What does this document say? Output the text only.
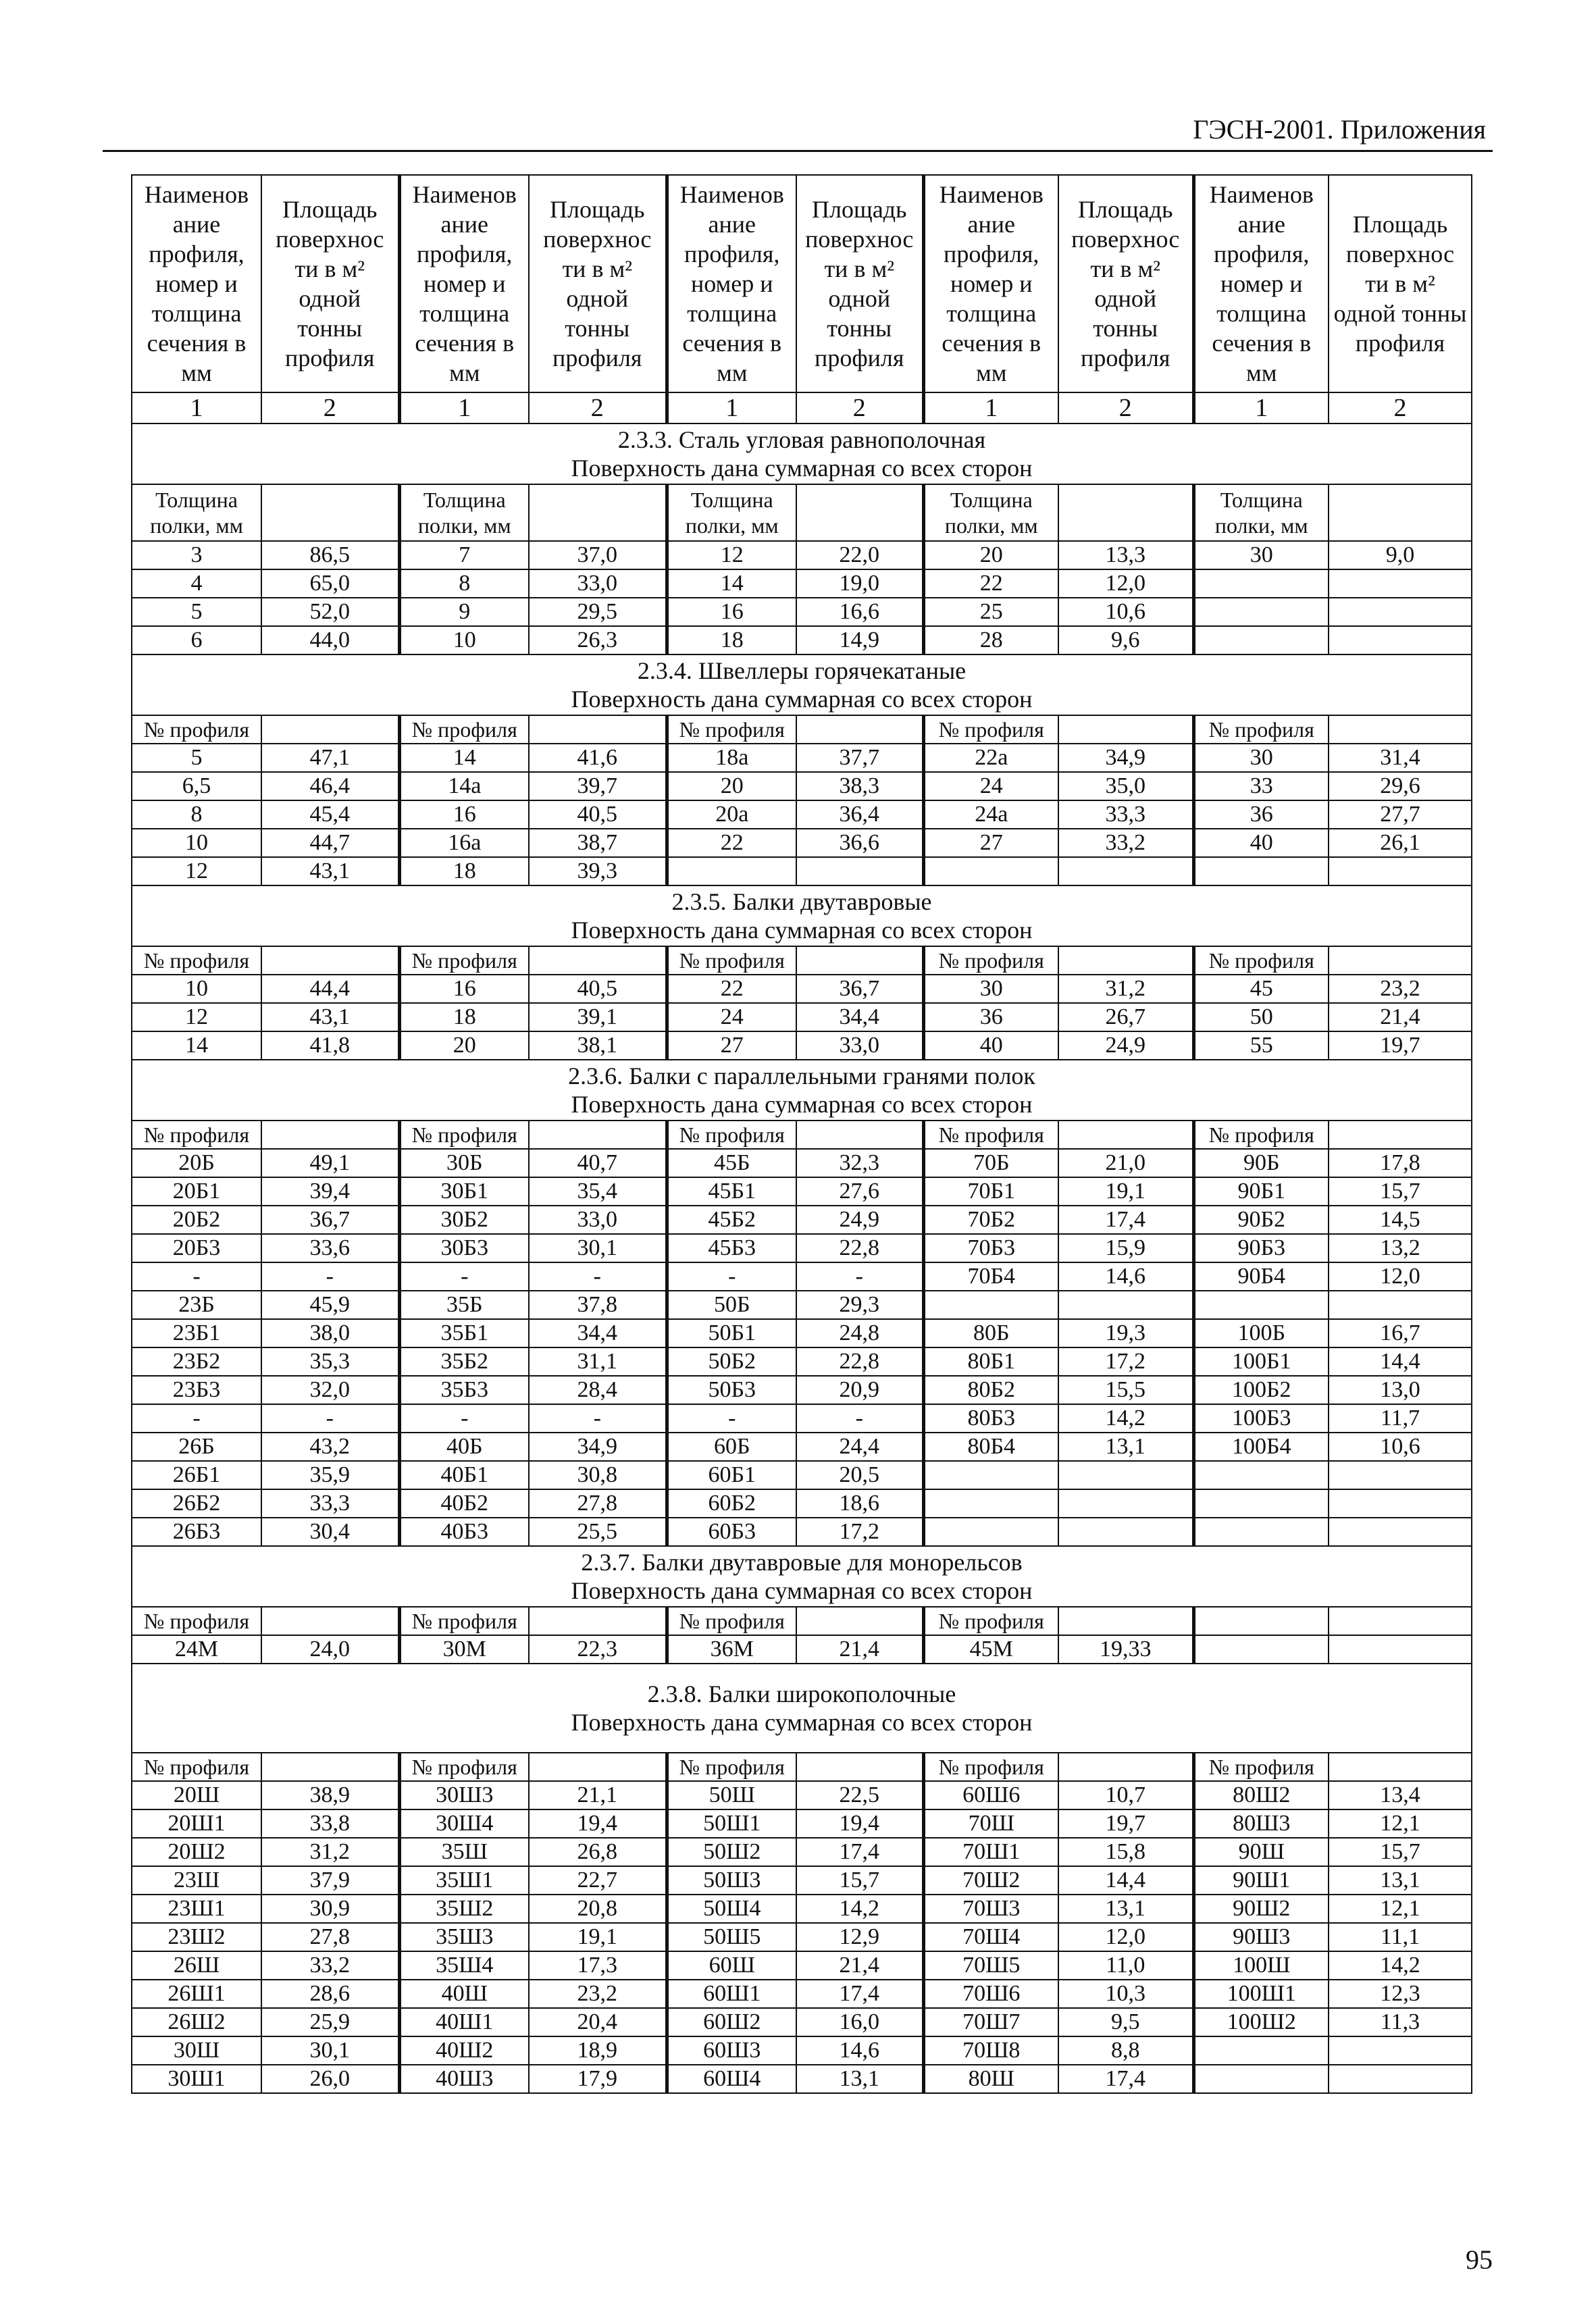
ГЭСН-2001. Приложения
Наименов ание профиля, номер и толщина сечения в мм	Площадь поверхнос ти в м² одной тонны профиля	Наименов ание профиля, номер и толщина сечения в мм	Площадь поверхнос ти в м² одной тонны профиля	Наименов ание профиля, номер и толщина сечения в мм	Площадь поверхнос ти в м² одной тонны профиля	Наименов ание профиля, номер и толщина сечения в мм	Площадь поверхнос ти в м² одной тонны профиля	Наименов ание профиля, номер и толщина сечения в мм	Площадь поверхнос ти в м² одной тонны профиля
1	2	1	2	1	2	1	2	1	2

2.3.3. Сталь угловая равнополочная
Поверхность дана суммарная со всех сторон									

Толщина полки, мм		Толщина полки, мм		Толщина полки, мм		Толщина полки, мм		Толщина полки, мм	
3	86,5	7	37,0	12	22,0	20	13,3	30	9,0
4	65,0	8	33,0	14	19,0	22	12,0		
5	52,0	9	29,5	16	16,6	25	10,6		
6	44,0	10	26,3	18	14,9	28	9,6		

2.3.4. Швеллеры горячекатаные
Поверхность дана суммарная со всех сторон									

№ профиля		№ профиля		№ профиля		№ профиля		№ профиля	
5	47,1	14	41,6	18а	37,7	22а	34,9	30	31,4
6,5	46,4	14а	39,7	20	38,3	24	35,0	33	29,6
8	45,4	16	40,5	20а	36,4	24а	33,3	36	27,7
10	44,7	16а	38,7	22	36,6	27	33,2	40	26,1
12	43,1	18	39,3						

2.3.5. Балки двутавровые
Поверхность дана суммарная со всех сторон									

№ профиля		№ профиля		№ профиля		№ профиля		№ профиля	
10	44,4	16	40,5	22	36,7	30	31,2	45	23,2
12	43,1	18	39,1	24	34,4	36	26,7	50	21,4
14	41,8	20	38,1	27	33,0	40	24,9	55	19,7

2.3.6. Балки с параллельными гранями полок
Поверхность дана суммарная со всех сторон									

№ профиля		№ профиля		№ профиля		№ профиля		№ профиля	
20Б	49,1	30Б	40,7	45Б	32,3	70Б	21,0	90Б	17,8
20Б1	39,4	30Б1	35,4	45Б1	27,6	70Б1	19,1	90Б1	15,7
20Б2	36,7	30Б2	33,0	45Б2	24,9	70Б2	17,4	90Б2	14,5
20Б3	33,6	30Б3	30,1	45Б3	22,8	70Б3	15,9	90Б3	13,2
-	-	-	-	-	-	70Б4	14,6	90Б4	12,0
23Б	45,9	35Б	37,8	50Б	29,3				
23Б1	38,0	35Б1	34,4	50Б1	24,8	80Б	19,3	100Б	16,7
23Б2	35,3	35Б2	31,1	50Б2	22,8	80Б1	17,2	100Б1	14,4
23Б3	32,0	35Б3	28,4	50Б3	20,9	80Б2	15,5	100Б2	13,0
-	-	-	-	-	-	80Б3	14,2	100Б3	11,7
26Б	43,2	40Б	34,9	60Б	24,4	80Б4	13,1	100Б4	10,6
26Б1	35,9	40Б1	30,8	60Б1	20,5				
26Б2	33,3	40Б2	27,8	60Б2	18,6				
26Б3	30,4	40Б3	25,5	60Б3	17,2				

2.3.7. Балки двутавровые для монорельсов
Поверхность дана суммарная со всех сторон									

№ профиля		№ профиля		№ профиля		№ профиля			
24М	24,0	30М	22,3	36М	21,4	45М	19,33		

2.3.8. Балки широкополочные
Поверхность дана суммарная со всех сторон									

№ профиля		№ профиля		№ профиля		№ профиля		№ профиля	
20Ш	38,9	30Ш3	21,1	50Ш	22,5	60Ш6	10,7	80Ш2	13,4
20Ш1	33,8	30Ш4	19,4	50Ш1	19,4	70Ш	19,7	80Ш3	12,1
20Ш2	31,2	35Ш	26,8	50Ш2	17,4	70Ш1	15,8	90Ш	15,7
23Ш	37,9	35Ш1	22,7	50Ш3	15,7	70Ш2	14,4	90Ш1	13,1
23Ш1	30,9	35Ш2	20,8	50Ш4	14,2	70Ш3	13,1	90Ш2	12,1
23Ш2	27,8	35Ш3	19,1	50Ш5	12,9	70Ш4	12,0	90Ш3	11,1
26Ш	33,2	35Ш4	17,3	60Ш	21,4	70Ш5	11,0	100Ш	14,2
26Ш1	28,6	40Ш	23,2	60Ш1	17,4	70Ш6	10,3	100Ш1	12,3
26Ш2	25,9	40Ш1	20,4	60Ш2	16,0	70Ш7	9,5	100Ш2	11,3
30Ш	30,1	40Ш2	18,9	60Ш3	14,6	70Ш8	8,8		
30Ш1	26,0	40Ш3	17,9	60Ш4	13,1	80Ш	17,4		
95
